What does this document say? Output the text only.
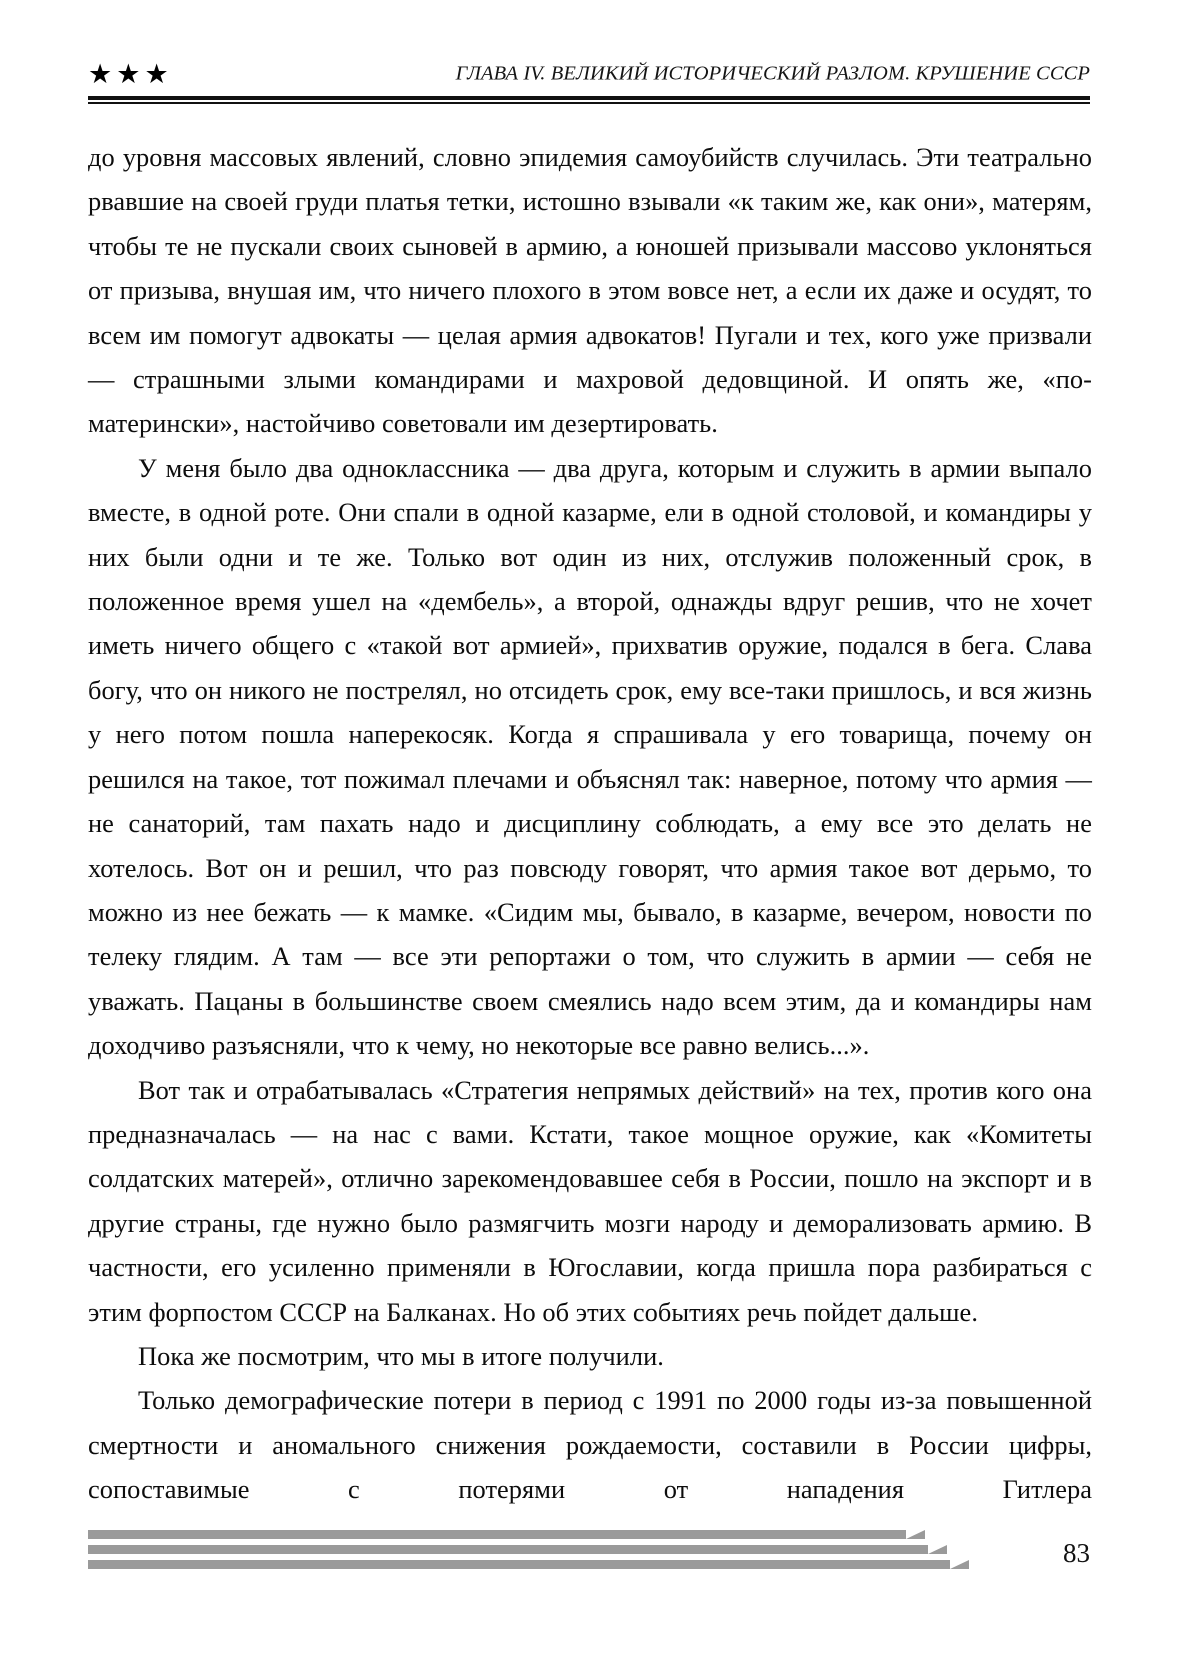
★ ★ ★	ГЛАВА IV. ВЕЛИКИЙ ИСТОРИЧЕСКИЙ РАЗЛОМ. КРУШЕНИЕ СССР

до уровня массовых явлений, словно эпидемия самоубийств случилась. Эти театрально рвавшие на своей груди платья тетки, истошно взывали «к таким же, как они», матерям, чтобы те не пускали своих сыновей в армию, а юношей призывали массово уклоняться от призыва, внушая им, что ничего плохого в этом вовсе нет, а если их даже и осудят, то всем им помогут адвокаты — целая армия адвокатов! Пугали и тех, кого уже призвали — страшными злыми командирами и махровой дедовщиной. И опять же, «по-матерински», настойчиво советовали им дезертировать.

У меня было два одноклассника — два друга, которым и служить в армии выпало вместе, в одной роте. Они спали в одной казарме, ели в одной столовой, и командиры у них были одни и те же. Только вот один из них, отслужив положенный срок, в положенное время ушел на «дембель», а второй, однажды вдруг решив, что не хочет иметь ничего общего с «такой вот армией», прихватив оружие, подался в бега. Слава богу, что он никого не пострелял, но отсидеть срок, ему все-таки пришлось, и вся жизнь у него потом пошла наперекосяк. Когда я спрашивала у его товарища, почему он решился на такое, тот пожимал плечами и объяснял так: наверное, потому что армия — не санаторий, там пахать надо и дисциплину соблюдать, а ему все это делать не хотелось. Вот он и решил, что раз повсюду говорят, что армия такое вот дерьмо, то можно из нее бежать — к мамке. «Сидим мы, бывало, в казарме, вечером, новости по телеку глядим. А там — все эти репортажи о том, что служить в армии — себя не уважать. Пацаны в большинстве своем смеялись надо всем этим, да и командиры нам доходчиво разъясняли, что к чему, но некоторые все равно велись...».

Вот так и отрабатывалась «Стратегия непрямых действий» на тех, против кого она предназначалась — на нас с вами. Кстати, такое мощное оружие, как «Комитеты солдатских матерей», отлично зарекомендовавшее себя в России, пошло на экспорт и в другие страны, где нужно было размягчить мозги народу и деморализовать армию. В частности, его усиленно применяли в Югославии, когда пришла пора разбираться с этим форпостом СССР на Балканах. Но об этих событиях речь пойдет дальше.

Пока же посмотрим, что мы в итоге получили.

Только демографические потери в период с 1991 по 2000 годы из-за повышенной смертности и аномального снижения рождаемости, составили в России цифры, сопоставимые с потерями от нападения Гитлера

83
